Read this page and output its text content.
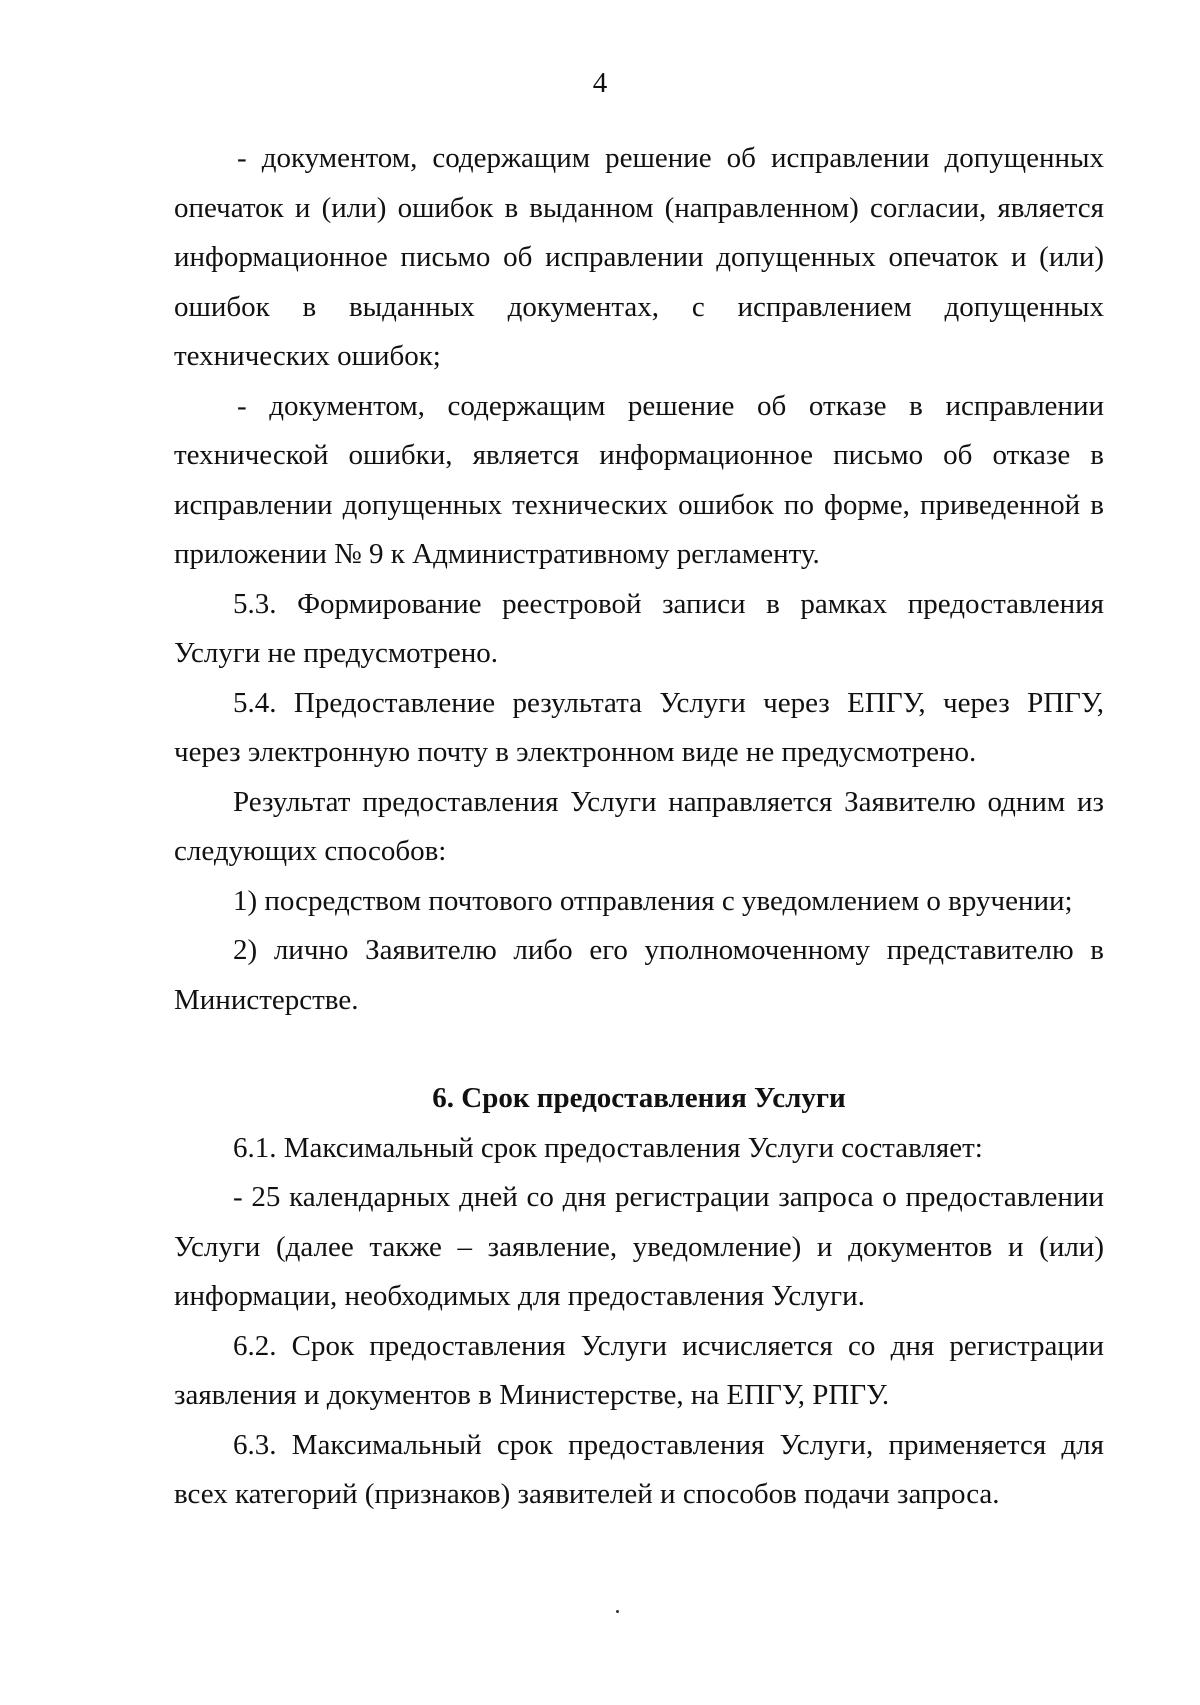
4

- документом, содержащим решение об исправлении допущенных опечаток и (или) ошибок в выданном (направленном) согласии, является информационное письмо об исправлении допущенных опечаток и (или) ошибок в выданных документах, с исправлением допущенных технических ошибок;

- документом, содержащим решение об отказе в исправлении технической ошибки, является информационное письмо об отказе в исправлении допущенных технических ошибок по форме, приведенной в приложении № 9 к Административному регламенту.

5.3. Формирование реестровой записи в рамках предоставления Услуги не предусмотрено.

5.4. Предоставление результата Услуги через ЕПГУ, через РПГУ, через электронную почту в электронном виде не предусмотрено.

Результат предоставления Услуги направляется Заявителю одним из следующих способов:

1) посредством почтового отправления с уведомлением о вручении;

2) лично Заявителю либо его уполномоченному представителю в Министерстве.

6. Срок предоставления Услуги

6.1. Максимальный срок предоставления Услуги составляет:

- 25 календарных дней со дня регистрации запроса о предоставлении Услуги (далее также – заявление, уведомление) и документов и (или) информации, необходимых для предоставления Услуги.

6.2. Срок предоставления Услуги исчисляется со дня регистрации заявления и документов в Министерстве, на ЕПГУ, РПГУ.

6.3. Максимальный срок предоставления Услуги, применяется для всех категорий (признаков) заявителей и способов подачи запроса.
